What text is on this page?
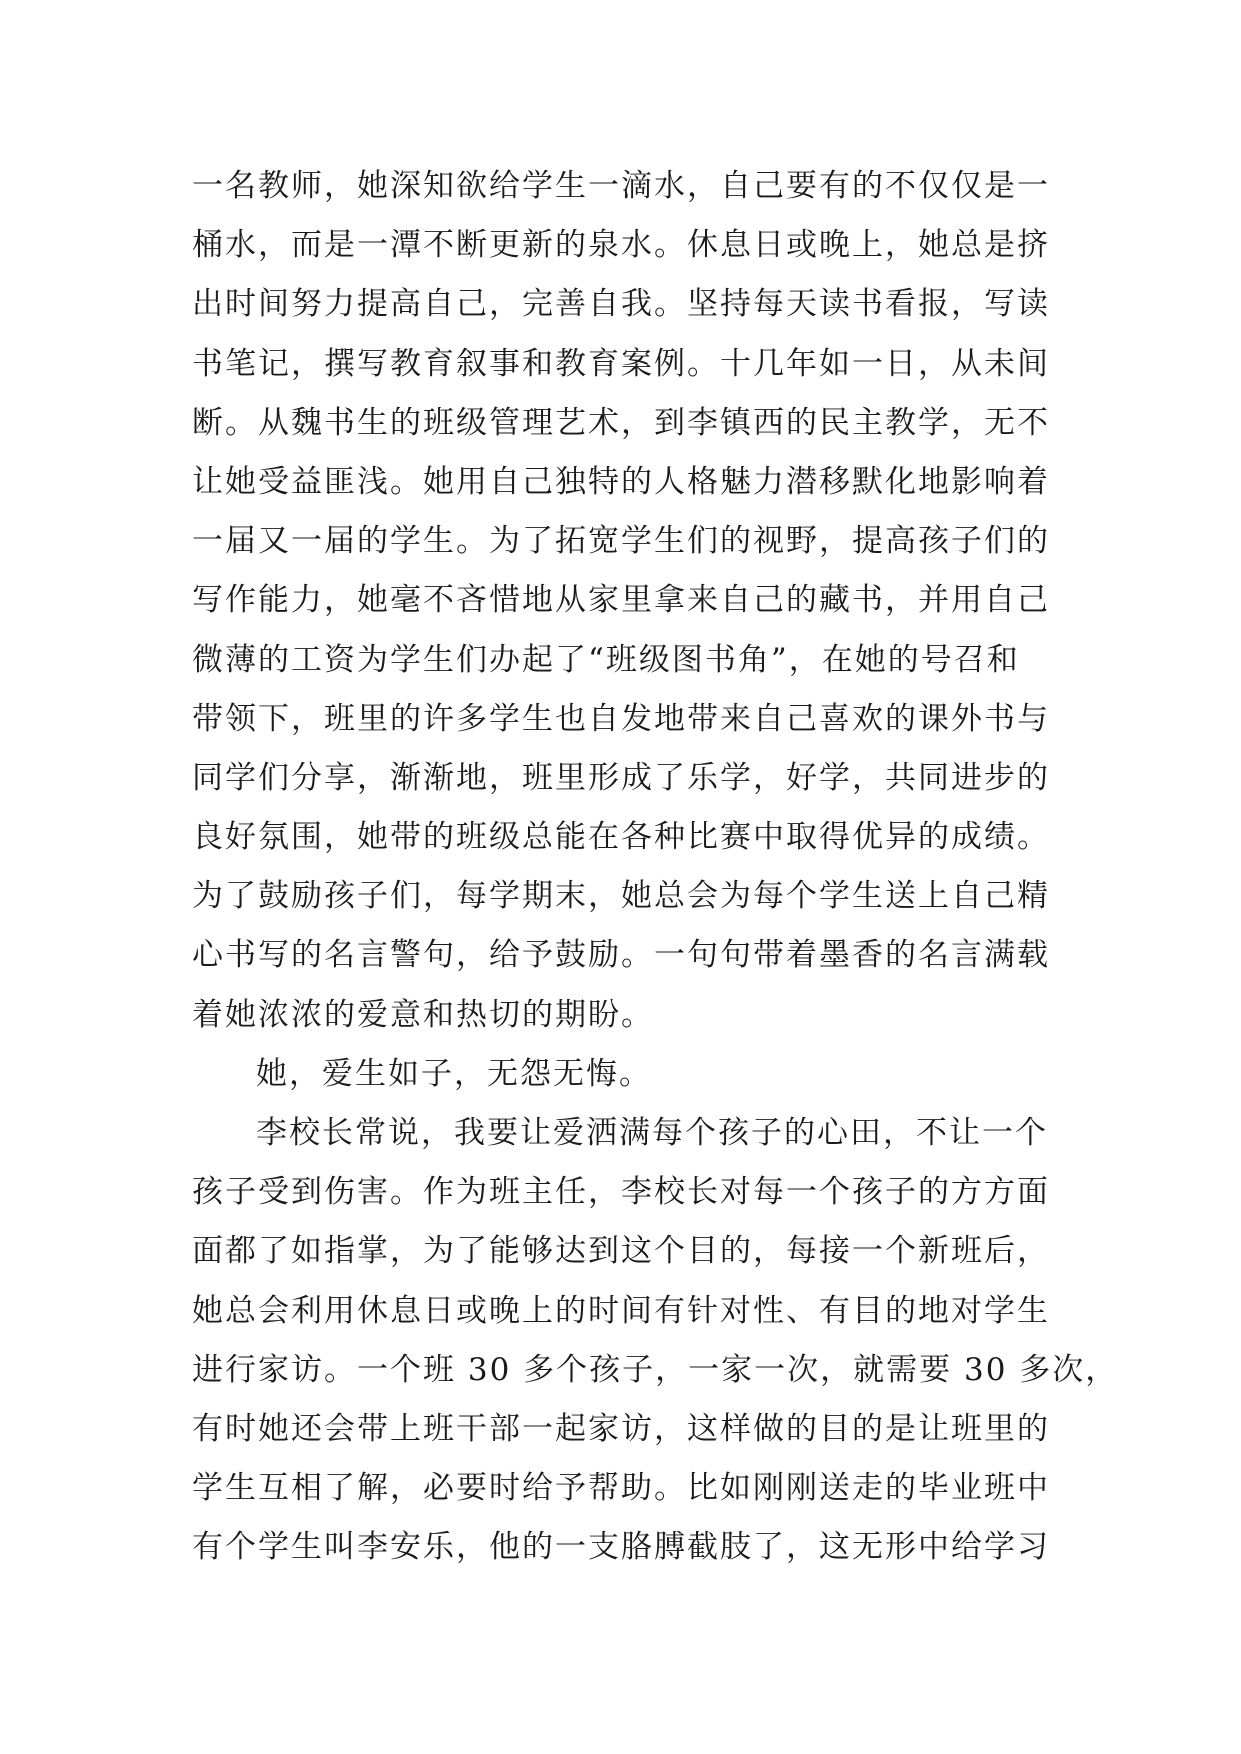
一名教师，她深知欲给学生一滴水，自己要有的不仅仅是一
桶水，而是一潭不断更新的泉水。休息日或晚上，她总是挤
出时间努力提高自己，完善自我。坚持每天读书看报，写读
书笔记，撰写教育叙事和教育案例。十几年如一日，从未间
断。从魏书生的班级管理艺术，到李镇西的民主教学，无不
让她受益匪浅。她用自己独特的人格魅力潜移默化地影响着
一届又一届的学生。为了拓宽学生们的视野，提高孩子们的
写作能力，她毫不吝惜地从家里拿来自己的藏书，并用自己
微薄的工资为学生们办起了“班级图书角”，在她的号召和
带领下，班里的许多学生也自发地带来自己喜欢的课外书与
同学们分享，渐渐地，班里形成了乐学，好学，共同进步的
良好氛围，她带的班级总能在各种比赛中取得优异的成绩。
为了鼓励孩子们，每学期末，她总会为每个学生送上自己精
心书写的名言警句，给予鼓励。一句句带着墨香的名言满载
着她浓浓的爱意和热切的期盼。
她，爱生如子，无怨无悔。
李校长常说，我要让爱洒满每个孩子的心田，不让一个
孩子受到伤害。作为班主任，李校长对每一个孩子的方方面
面都了如指掌，为了能够达到这个目的，每接一个新班后，
她总会利用休息日或晚上的时间有针对性、有目的地对学生
进行家访。一个班 30 多个孩子，一家一次，就需要 30 多次，
有时她还会带上班干部一起家访，这样做的目的是让班里的
学生互相了解，必要时给予帮助。比如刚刚送走的毕业班中
有个学生叫李安乐，他的一支胳膊截肢了，这无形中给学习
